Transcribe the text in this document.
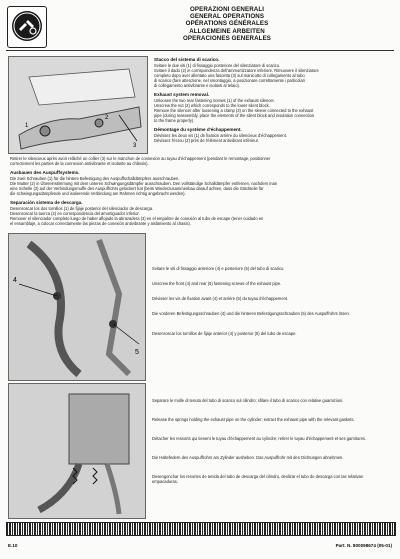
OPERAZIONI GENERALI
GENERAL OPERATIONS
OPÉRATIONS GÉNÉRALES
ALLGEMEINE ARBEITEN
OPERACIONES GENERALES
1
2
3
Stacco del sistema di scarico.
Svitare le due viti (1) di fissaggio posteriore del silenziatore di scarico.
Svitare il dado (2) in corrispondenza dell'ammortizzatore inferiore. Rimuovere il silenziatore
completo dopo aver allentato una fascetta (3) sul manicotto di collegamento al tubo
di scarico (fare attenzione, nel smontaggio, a posizionare correttamente i particolari
di collegamento antivibrante e isolanti al telaio).
Exhaust system removal.
Unloosen the two rear fastening screws (1) of the exhaust silencer.
Unscrew the nut (2) which corresponds to the lower silent block.
Remove the silencer after loosening a clamp (3) on the sleeve connected to the exhaust
pipe (during reassembly, place the elements of the silent block and insulation connection
to the frame properly).
Démontage du système d'échappement.
Dévissez les deux vis (1) de fixation arrière du silencieux d'échappement.
Dévissez l'écrou (2) près de l'élément antivibrant inférieur.
Retirer le silencieux après avoir relâché un collier (3) sur le manchon de connexion au tuyau d'échappement (pendant le remontage, positionner
correctement les parties de la connexion antivibrante et isolante au châssis).
Ausbauen des Auspuffsystems.
Die zwei Schrauben (1) für die hintere Befestigung des Auspuffschalldämpfers ausschrauben.
Die Mutter (2) in Übereinstimmung mit dem unteren Schwingungsdämpfer ausschrauben. Den vollständige Schalldämpfer entfernen, nachdem man
eine Schelle (3) auf der Verbindungsmuffe des Auspuffrohrs gelockert hat (beim Wiederzusammenbau darauf achten, dass die Stückteile für
die schwingungsdämpfende und isolierende Verbindung am Rahmen richtig angebracht werden).
Separación sistema de descarga.
Desenroscar los dos tornillos (1) de fijaje posterior del silenciador de descarga.
Desenroscar la tuerca (2) en correspondencia del amortiguador inferior.
Remover el silenciador completo luego de haber aflojado la abrazadera (3) en el empalme de conexión al tubo de escape (tener cuidado en
el ensamblaje, a colocar correctamente las piezas de conexión antivibrante y aislamiento al chasis).
4
5
Svitare le viti di fissaggio anteriore (4) e posteriore (5) del tubo di scarico.
Unscrew the front (4) and rear (5) fastening screws of the exhaust pipe.
Dévisser les vis de fixation avant (4) et arrière (5) du tuyau d'échappement.
Die vorderen Befestigungsschrauben (4) und die hinteren Befestigungsschrauben (5) des Auspuffrohrs lösen.
Desenroscar los tornillos de fijaje anterior (4) y posterior (5) del tubo de escape.
Separare le molle di tenuta del tubo di scarico sul cilindro; sfilare il tubo di scarico con relative guarnizioni.
Release the springs holding the exhaust pipe on the cylinder; extract the exhaust pipe with the relevant gaskets.
Détacher les ressorts qui tienent le tuyau d'échappement au cylindre; retirer le tuyau d'échappement et ses garnitures.
Die Haltefedern des Auspuffrohrs am Zylinder ausheben. Das Auspuffrohr mit den Dichtungen abnehmen.
Desengonchar los resortes de tenida del tubo de descarga del cilindro, deslizar el tubo de descarga con las relativas empacaduras.
E.10	Part. N. 800098674 (05-01)
